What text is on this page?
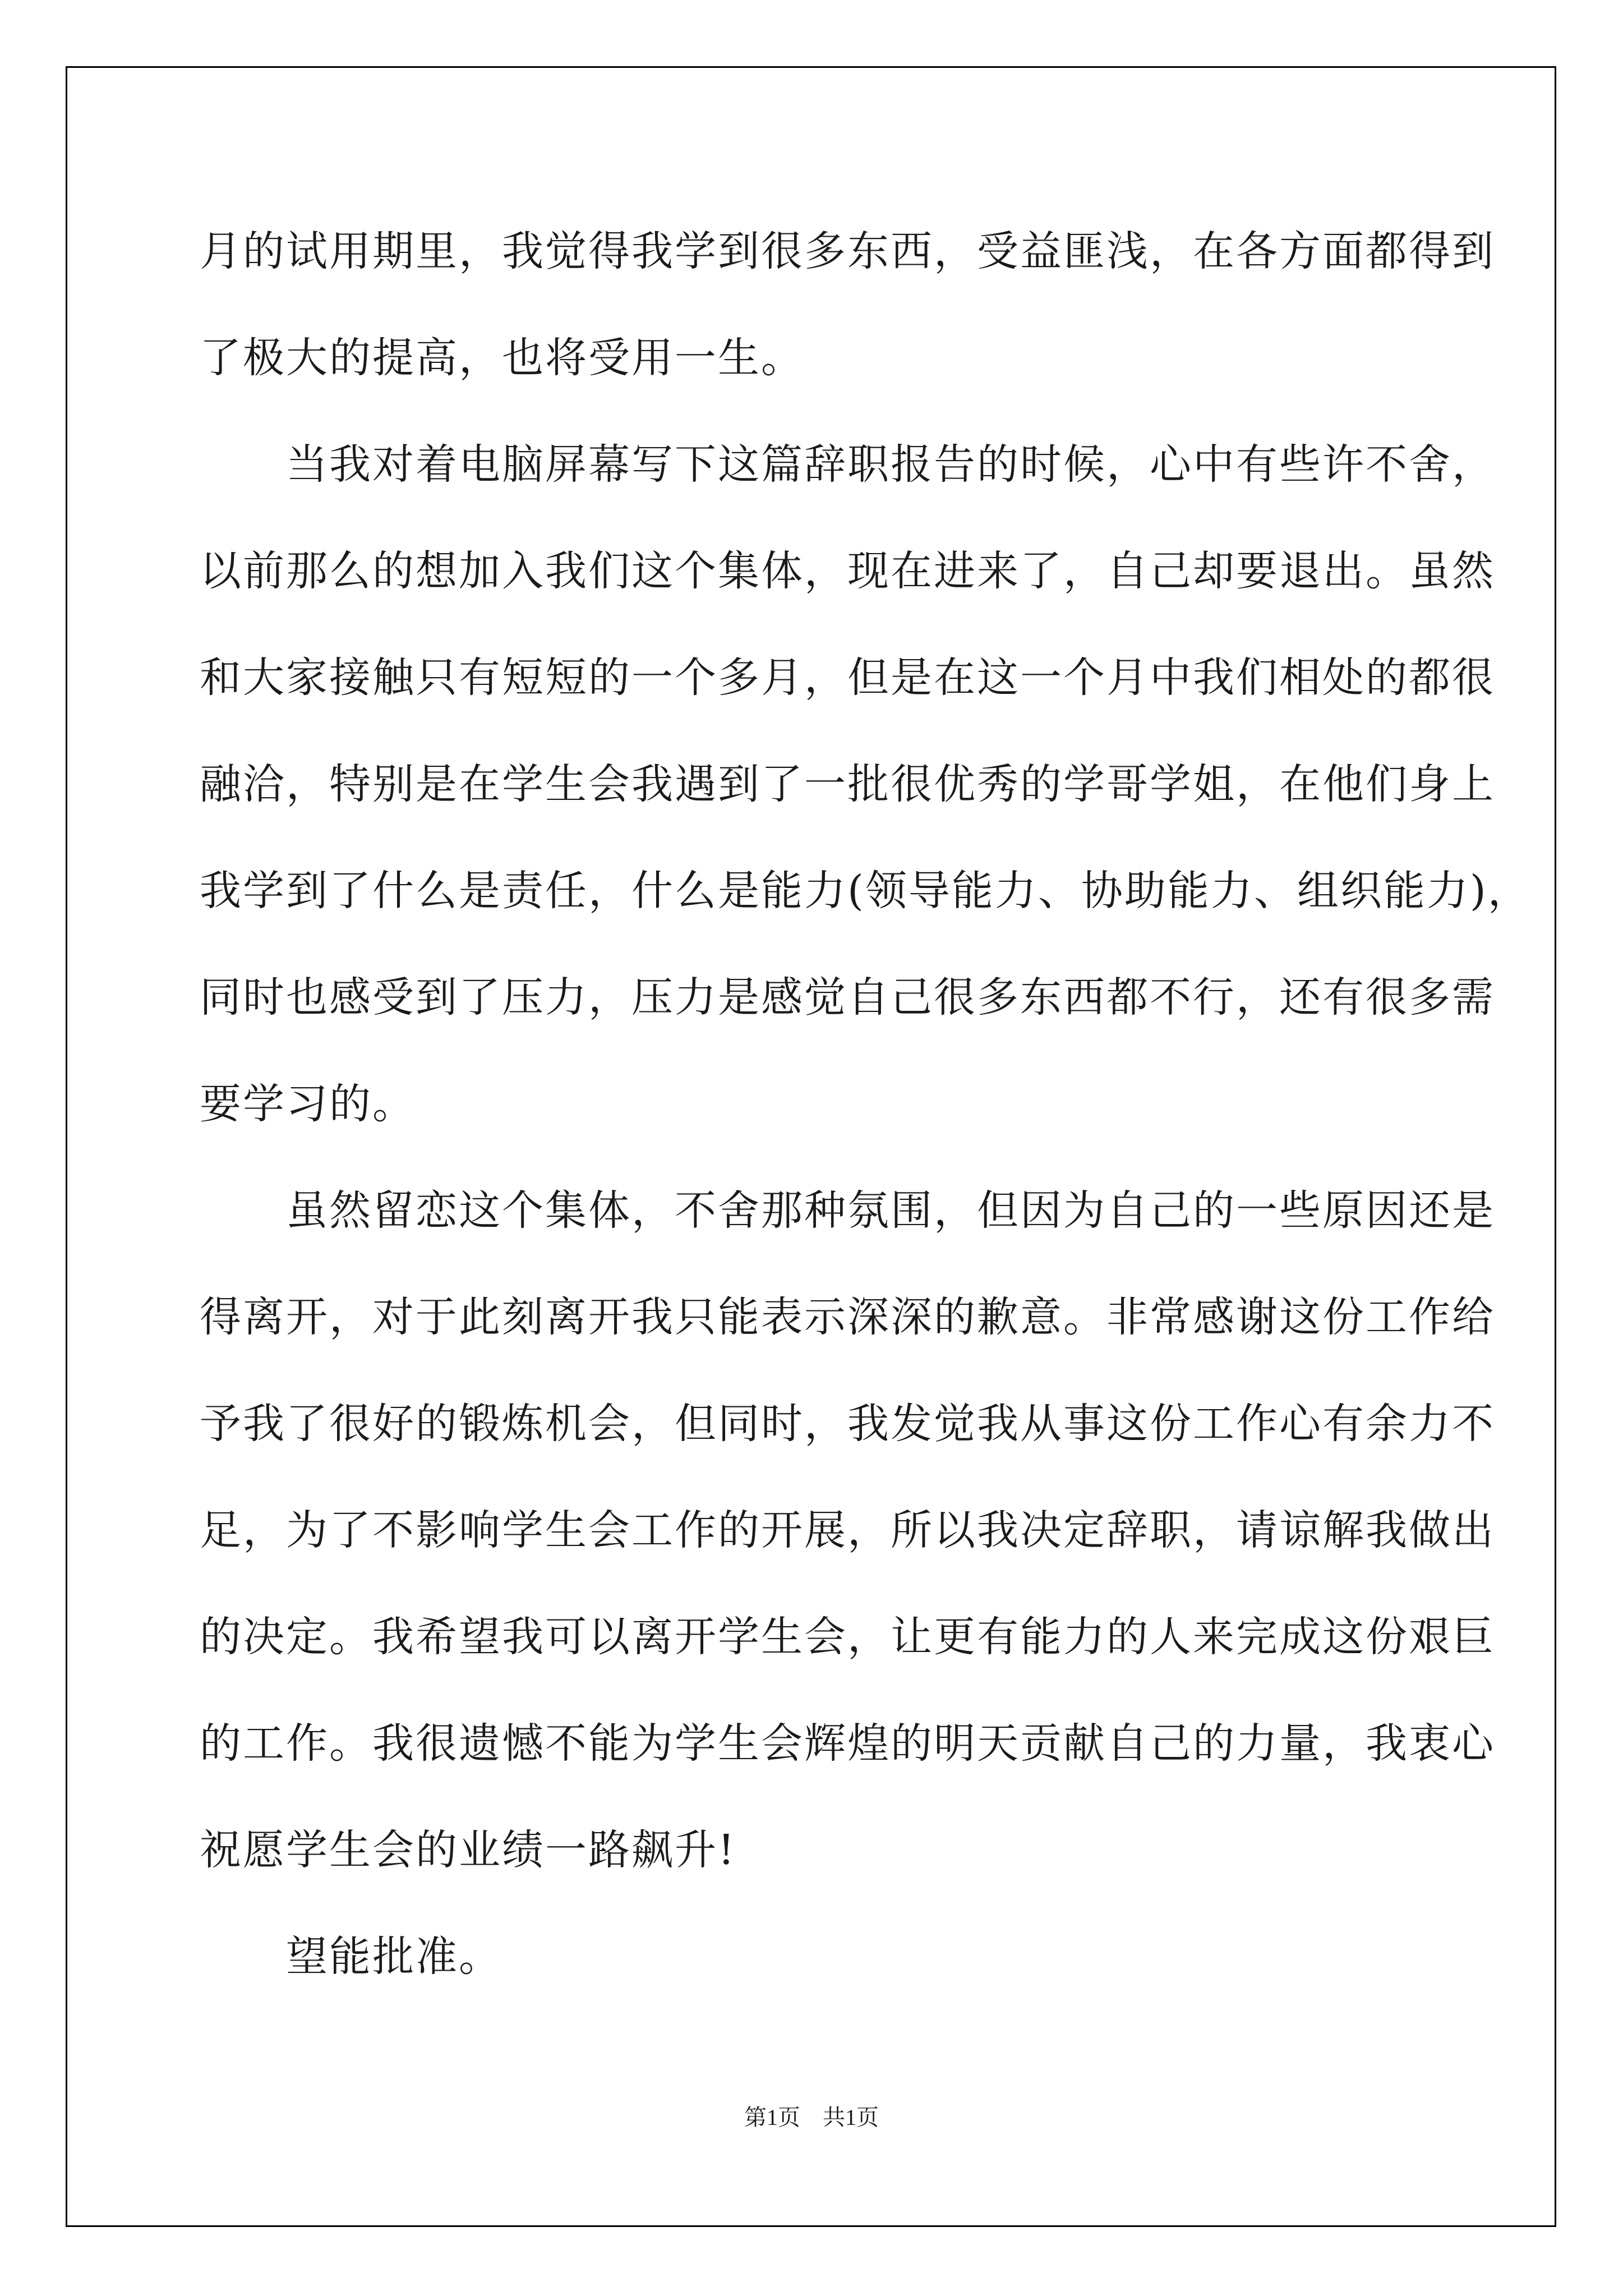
月的试用期里，我觉得我学到很多东西，受益匪浅，在各方面都得到
了极大的提高，也将受用一生。
　　当我对着电脑屏幕写下这篇辞职报告的时候，心中有些许不舍，
以前那么的想加入我们这个集体，现在进来了，自己却要退出。虽然
和大家接触只有短短的一个多月，但是在这一个月中我们相处的都很
融洽，特别是在学生会我遇到了一批很优秀的学哥学姐，在他们身上
我学到了什么是责任，什么是能力(领导能力、协助能力、组织能力)，
同时也感受到了压力，压力是感觉自己很多东西都不行，还有很多需
要学习的。
　　虽然留恋这个集体，不舍那种氛围，但因为自己的一些原因还是
得离开，对于此刻离开我只能表示深深的歉意。非常感谢这份工作给
予我了很好的锻炼机会，但同时，我发觉我从事这份工作心有余力不
足，为了不影响学生会工作的开展，所以我决定辞职，请谅解我做出
的决定。我希望我可以离开学生会，让更有能力的人来完成这份艰巨
的工作。我很遗憾不能为学生会辉煌的明天贡献自己的力量，我衷心
祝愿学生会的业绩一路飙升!
　　望能批准。
第1页 共1页
